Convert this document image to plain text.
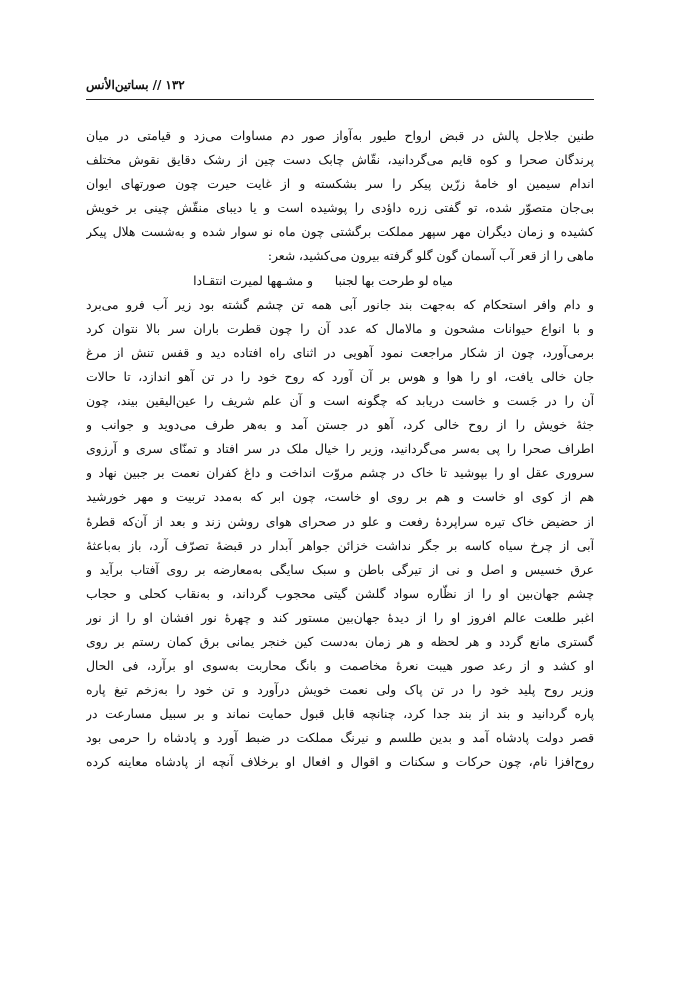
۱۳۲
//
بساتین‌الأنس
طنین جلاجل پالش در قبض ارواح طیور به‌آواز صور دم مساوات می‌زد و قیامتی در میان
پرندگان صحرا و کوه قایم می‌گردانید، نقّاش چابک دست چین از رشک دقایق نقوش مختلف
اندام سیمین او خامهٔ زرّین پیکر را سر بشکسته و از غایت حیرت چون صورتهای ایوان
بی‌جان متصوّر شده، تو گفتی زره داؤدی را پوشیده است و یا دیبای منقّش چینی بر خویش
کشیده و زمان دیگران مهر سپهر مملکت برگشتی چون ماه نو سوار شده و به‌شست هلال پیکر
ماهی را از قعر آب آسمان گون گلو گرفته بیرون می‌کشید، شعر:
میاه لو طرحت بها لجنبا  و مشـهها لمیرت انتقـادا
و دام وافر استحکام که به‌جهت بند جانور آبی همه تن چشم گشته بود زیر آب فرو می‌برد
و با انواع حیوانات مشحون و مالامال که عدد آن را چون قطرت باران سر بالا نتوان کرد
برمی‌آورد، چون از شکار مراجعت نمود آهویی در اثنای راه افتاده دید و قفس تنش از مرغ
جان خالی یافت، او را هوا و هوس بر آن آورد که روح خود را در تن آهو اندازد، تا حالات
آن را در جَست و خاست دریابد که چگونه است و آن علم شریف را عین‌الیقین بیند، چون
جثهٔ خویش را از روح خالی کرد، آهو در جستن آمد و به‌هر طرف می‌دوید و جوانب و
اطراف صحرا را پی به‌سر می‌گردانید، وزیر را خیال ملک در سر افتاد و تمنّای سری و آرزوی
سروری عقل او را بپوشید تا خاک در چشم مروّت انداخت و داغ کفران نعمت بر جبین نهاد و
هم از کوی او خاست و هم بر روی او خاست، چون ابر که به‌مدد تربیت و مهر خورشید
از حضیض خاک تیره سراپردهٔ رفعت و علو در صحرای هوای روشن زند و بعد از آن‌که قطرهٔ
آبی از چرخ سیاه کاسه بر جگر نداشت خزائن جواهر آبدار در قبضهٔ تصرّف آرد، باز به‌باعثهٔ
عرق خسیس و اصل و نی از تیرگی باطن و سبک سایگی به‌معارضه بر روی آفتاب برآید و
چشم جهان‌بین او را از نظّاره سواد گلشن گیتی محجوب گرداند، و به‌نقاب کحلی و حجاب
اغبر طلعت عالم افروز او را از دیدهٔ جهان‌بین مستور کند و چهرهٔ نور افشان او را از نور
گستری مانع گردد و هر لحظه و هر زمان به‌دست کین خنجر یمانی برق کمان رستم بر روی
او کشد و از رعد صور هیبت نعرهٔ مخاصمت و بانگ محاربت به‌سوی او برآرد، فی الحال
وزیر روح پلید خود را در تن پاک ولی نعمت خویش درآورد و تن خود را به‌زخم تیغ پاره
پاره گردانید و بند از بند جدا کرد، چنانچه قابل قبول حمایت نماند و بر سبیل مسارعت در
قصر دولت پادشاه آمد و بدین طلسم و نیرنگ مملکت در ضبط آورد و پادشاه را حرمی بود
روح‌افزا نام، چون حرکات و سکنات و اقوال و افعال او برخلاف آنچه از پادشاه معاینه کرده
